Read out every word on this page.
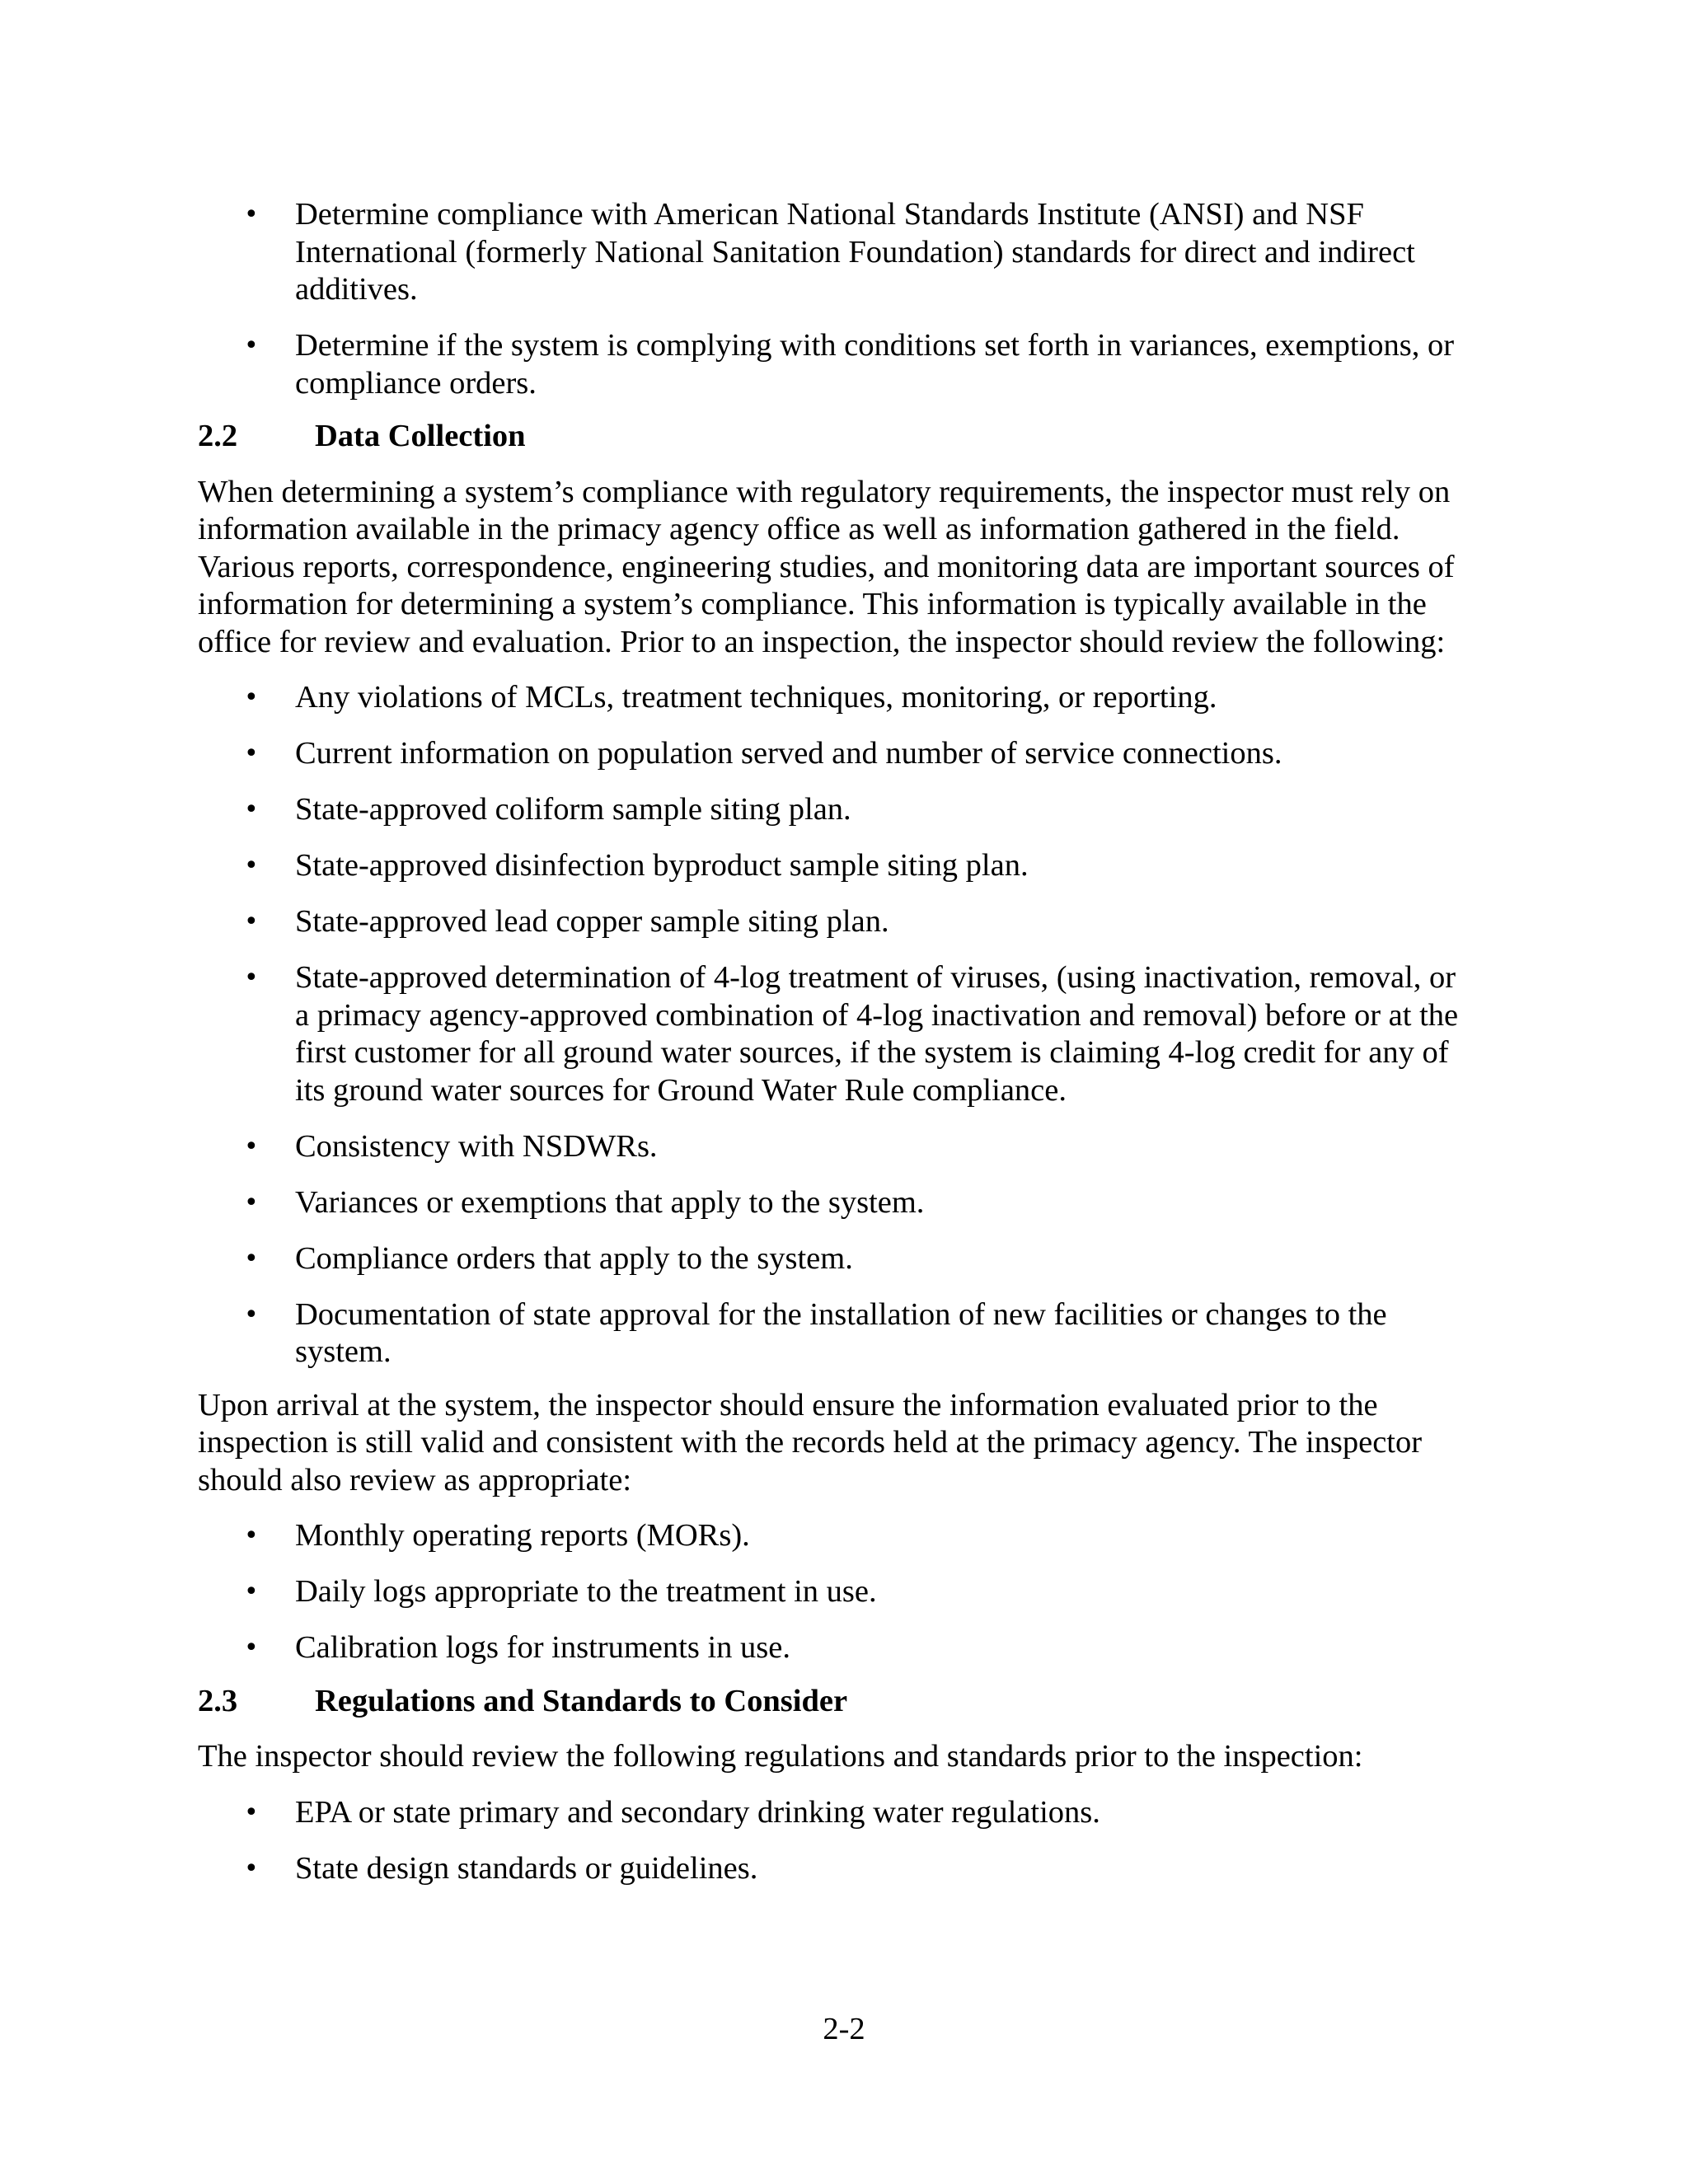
• Determine compliance with American National Standards Institute (ANSI) and NSF International (formerly National Sanitation Foundation) standards for direct and indirect additives.
• Determine if the system is complying with conditions set forth in variances, exemptions, or compliance orders.
2.2	Data Collection

When determining a system’s compliance with regulatory requirements, the inspector must rely on information available in the primacy agency office as well as information gathered in the field. Various reports, correspondence, engineering studies, and monitoring data are important sources of information for determining a system’s compliance. This information is typically available in the office for review and evaluation. Prior to an inspection, the inspector should review the following:

• Any violations of MCLs, treatment techniques, monitoring, or reporting.
• Current information on population served and number of service connections.
• State-approved coliform sample siting plan.
• State-approved disinfection byproduct sample siting plan.
• State-approved lead copper sample siting plan.
• State-approved determination of 4-log treatment of viruses, (using inactivation, removal, or a primacy agency-approved combination of 4-log inactivation and removal) before or at the first customer for all ground water sources, if the system is claiming 4-log credit for any of its ground water sources for Ground Water Rule compliance.
• Consistency with NSDWRs.
• Variances or exemptions that apply to the system.
• Compliance orders that apply to the system.
• Documentation of state approval for the installation of new facilities or changes to the system.

Upon arrival at the system, the inspector should ensure the information evaluated prior to the inspection is still valid and consistent with the records held at the primacy agency. The inspector should also review as appropriate:

• Monthly operating reports (MORs).
• Daily logs appropriate to the treatment in use.
• Calibration logs for instruments in use.
2.3	Regulations and Standards to Consider

The inspector should review the following regulations and standards prior to the inspection:

• EPA or state primary and secondary drinking water regulations.
• State design standards or guidelines.
2-2
